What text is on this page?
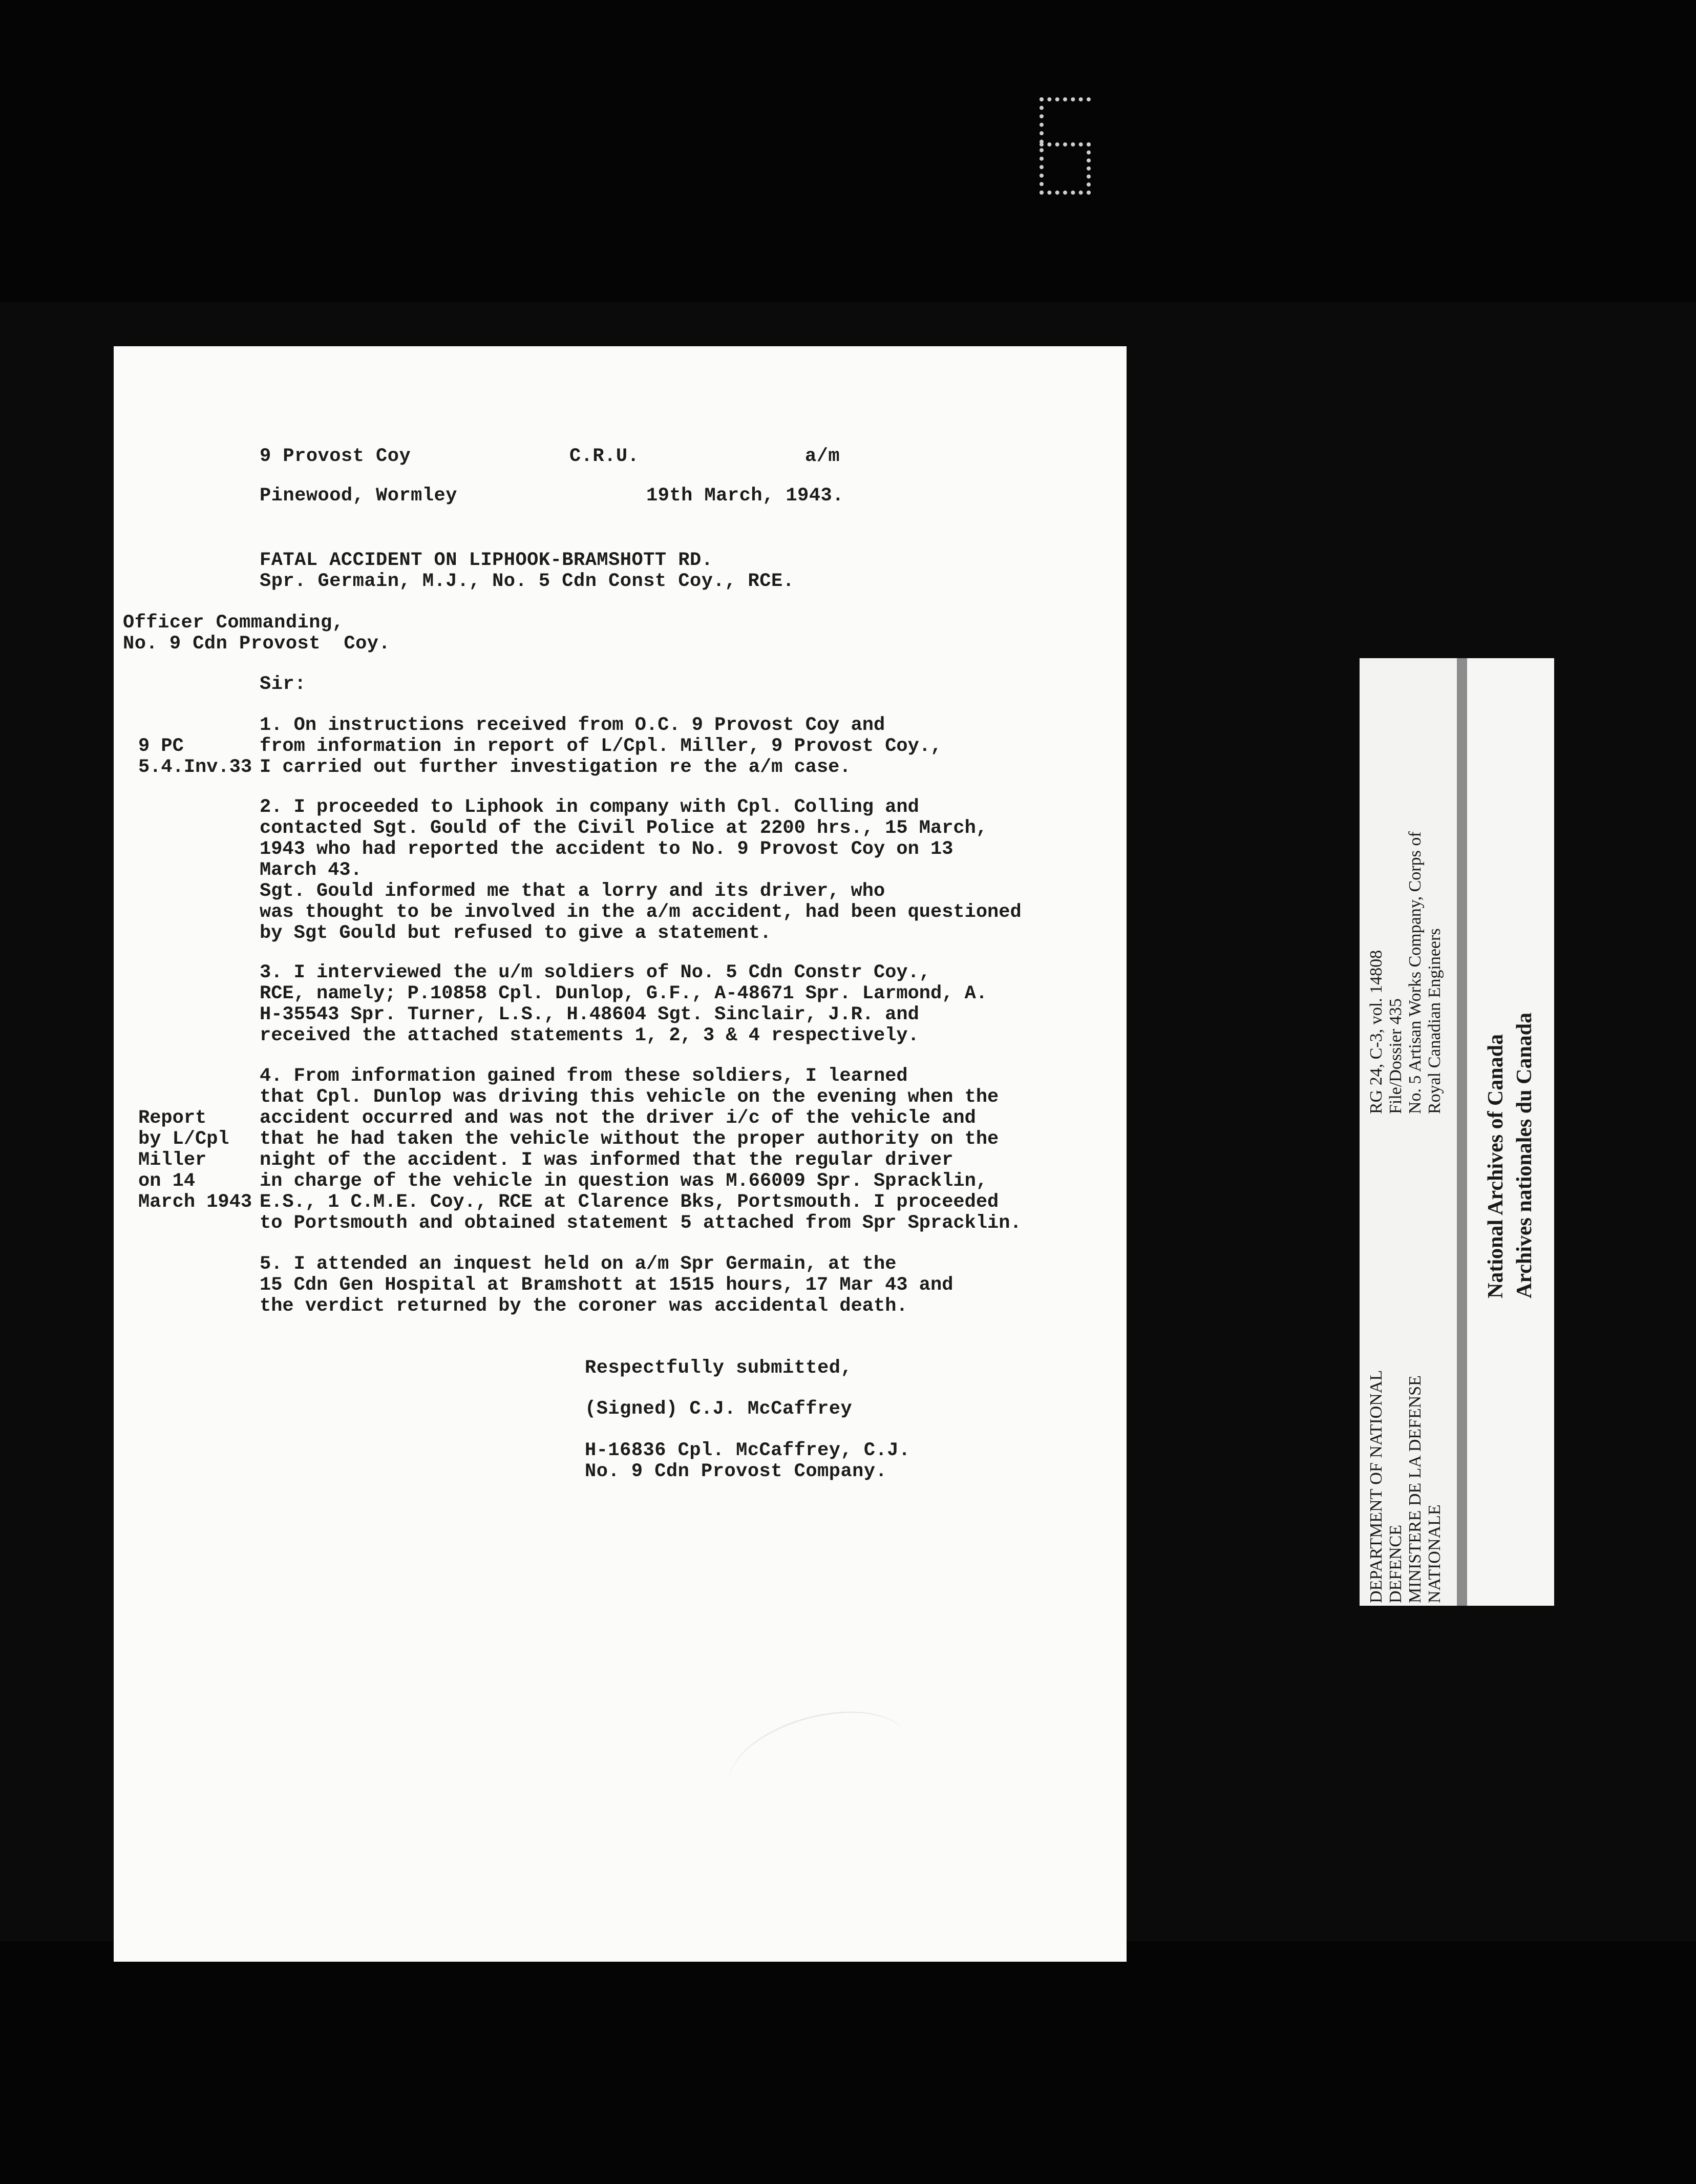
9 Provost Coy	C.R.U.	a/m
Pinewood, Wormley	19th March, 1943.
FATAL ACCIDENT ON LIPHOOK-BRAMSHOTT RD.
Spr. Germain, M.J., No. 5 Cdn Const Coy., RCE.
Officer Commanding,
No. 9 Cdn Provost  Coy.
Sir:
1. On instructions received from O.C. 9 Provost Coy and
from information in report of L/Cpl. Miller, 9 Provost Coy.,
I carried out further investigation re the a/m case.
9 PC
5.4.Inv.33
2. I proceeded to Liphook in company with Cpl. Colling and
contacted Sgt. Gould of the Civil Police at 2200 hrs., 15 March,
1943 who had reported the accident to No. 9 Provost Coy on 13
March 43.
Sgt. Gould informed me that a lorry and its driver, who
was thought to be involved in the a/m accident, had been questioned
by Sgt Gould but refused to give a statement.
3. I interviewed the u/m soldiers of No. 5 Cdn Constr Coy.,
RCE, namely; P.10858 Cpl. Dunlop, G.F., A-48671 Spr. Larmond, A.
H-35543 Spr. Turner, L.S., H.48604 Sgt. Sinclair, J.R. and
received the attached statements 1, 2, 3 & 4 respectively.
4. From information gained from these soldiers, I learned
that Cpl. Dunlop was driving this vehicle on the evening when the
accident occurred and was not the driver i/c of the vehicle and
that he had taken the vehicle without the proper authority on the
night of the accident. I was informed that the regular driver
in charge of the vehicle in question was M.66009 Spr. Spracklin,
E.S., 1 C.M.E. Coy., RCE at Clarence Bks, Portsmouth. I proceeded
to Portsmouth and obtained statement 5 attached from Spr Spracklin.
Report
by L/Cpl
Miller
on 14
March 1943
5. I attended an inquest held on a/m Spr Germain, at the
15 Cdn Gen Hospital at Bramshott at 1515 hours, 17 Mar 43 and
the verdict returned by the coroner was accidental death.
Respectfully submitted,
(Signed) C.J. McCaffrey
H-16836 Cpl. McCaffrey, C.J.
No. 9 Cdn Provost Company.
DEPARTMENT OF NATIONAL
DEFENCE
MINISTERE DE LA DEFENSE
NATIONALE
RG 24, C-3, vol. 14808
File/Dossier 435
No. 5 Artisan Works Company, Corps of
Royal Canadian Engineers
National Archives of Canada
Archives nationales du Canada
